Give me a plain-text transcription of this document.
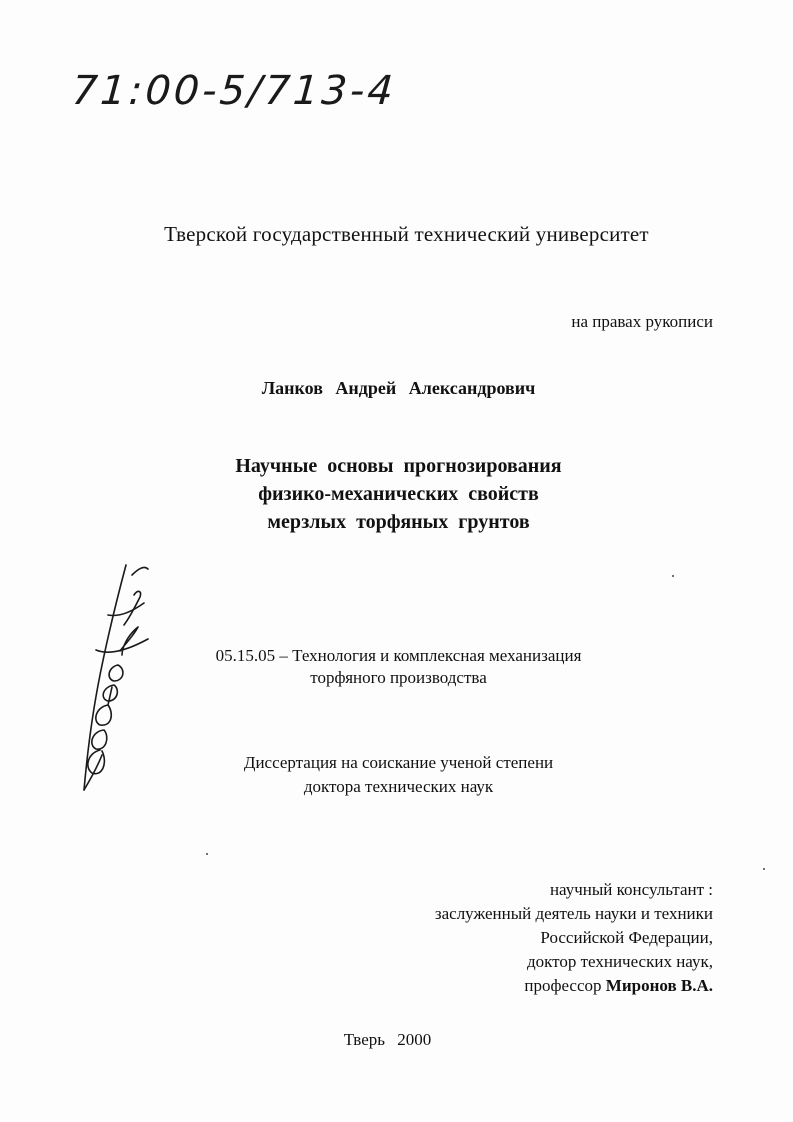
71:00-5/713-4
Тверской государственный технический университет
на правах рукописи
Ланков Андрей Александрович
Научные основы прогнозирования
физико-механических свойств
мерзлых торфяных грунтов
05.15.05 – Технология и комплексная механизация
торфяного производства
Диссертация на соискание ученой степени
доктора технических наук
научный консультант :
заслуженный деятель науки и техники
Российской Федерации,
доктор технических наук,
профессор Миронов В.А.
Тверь 2000
